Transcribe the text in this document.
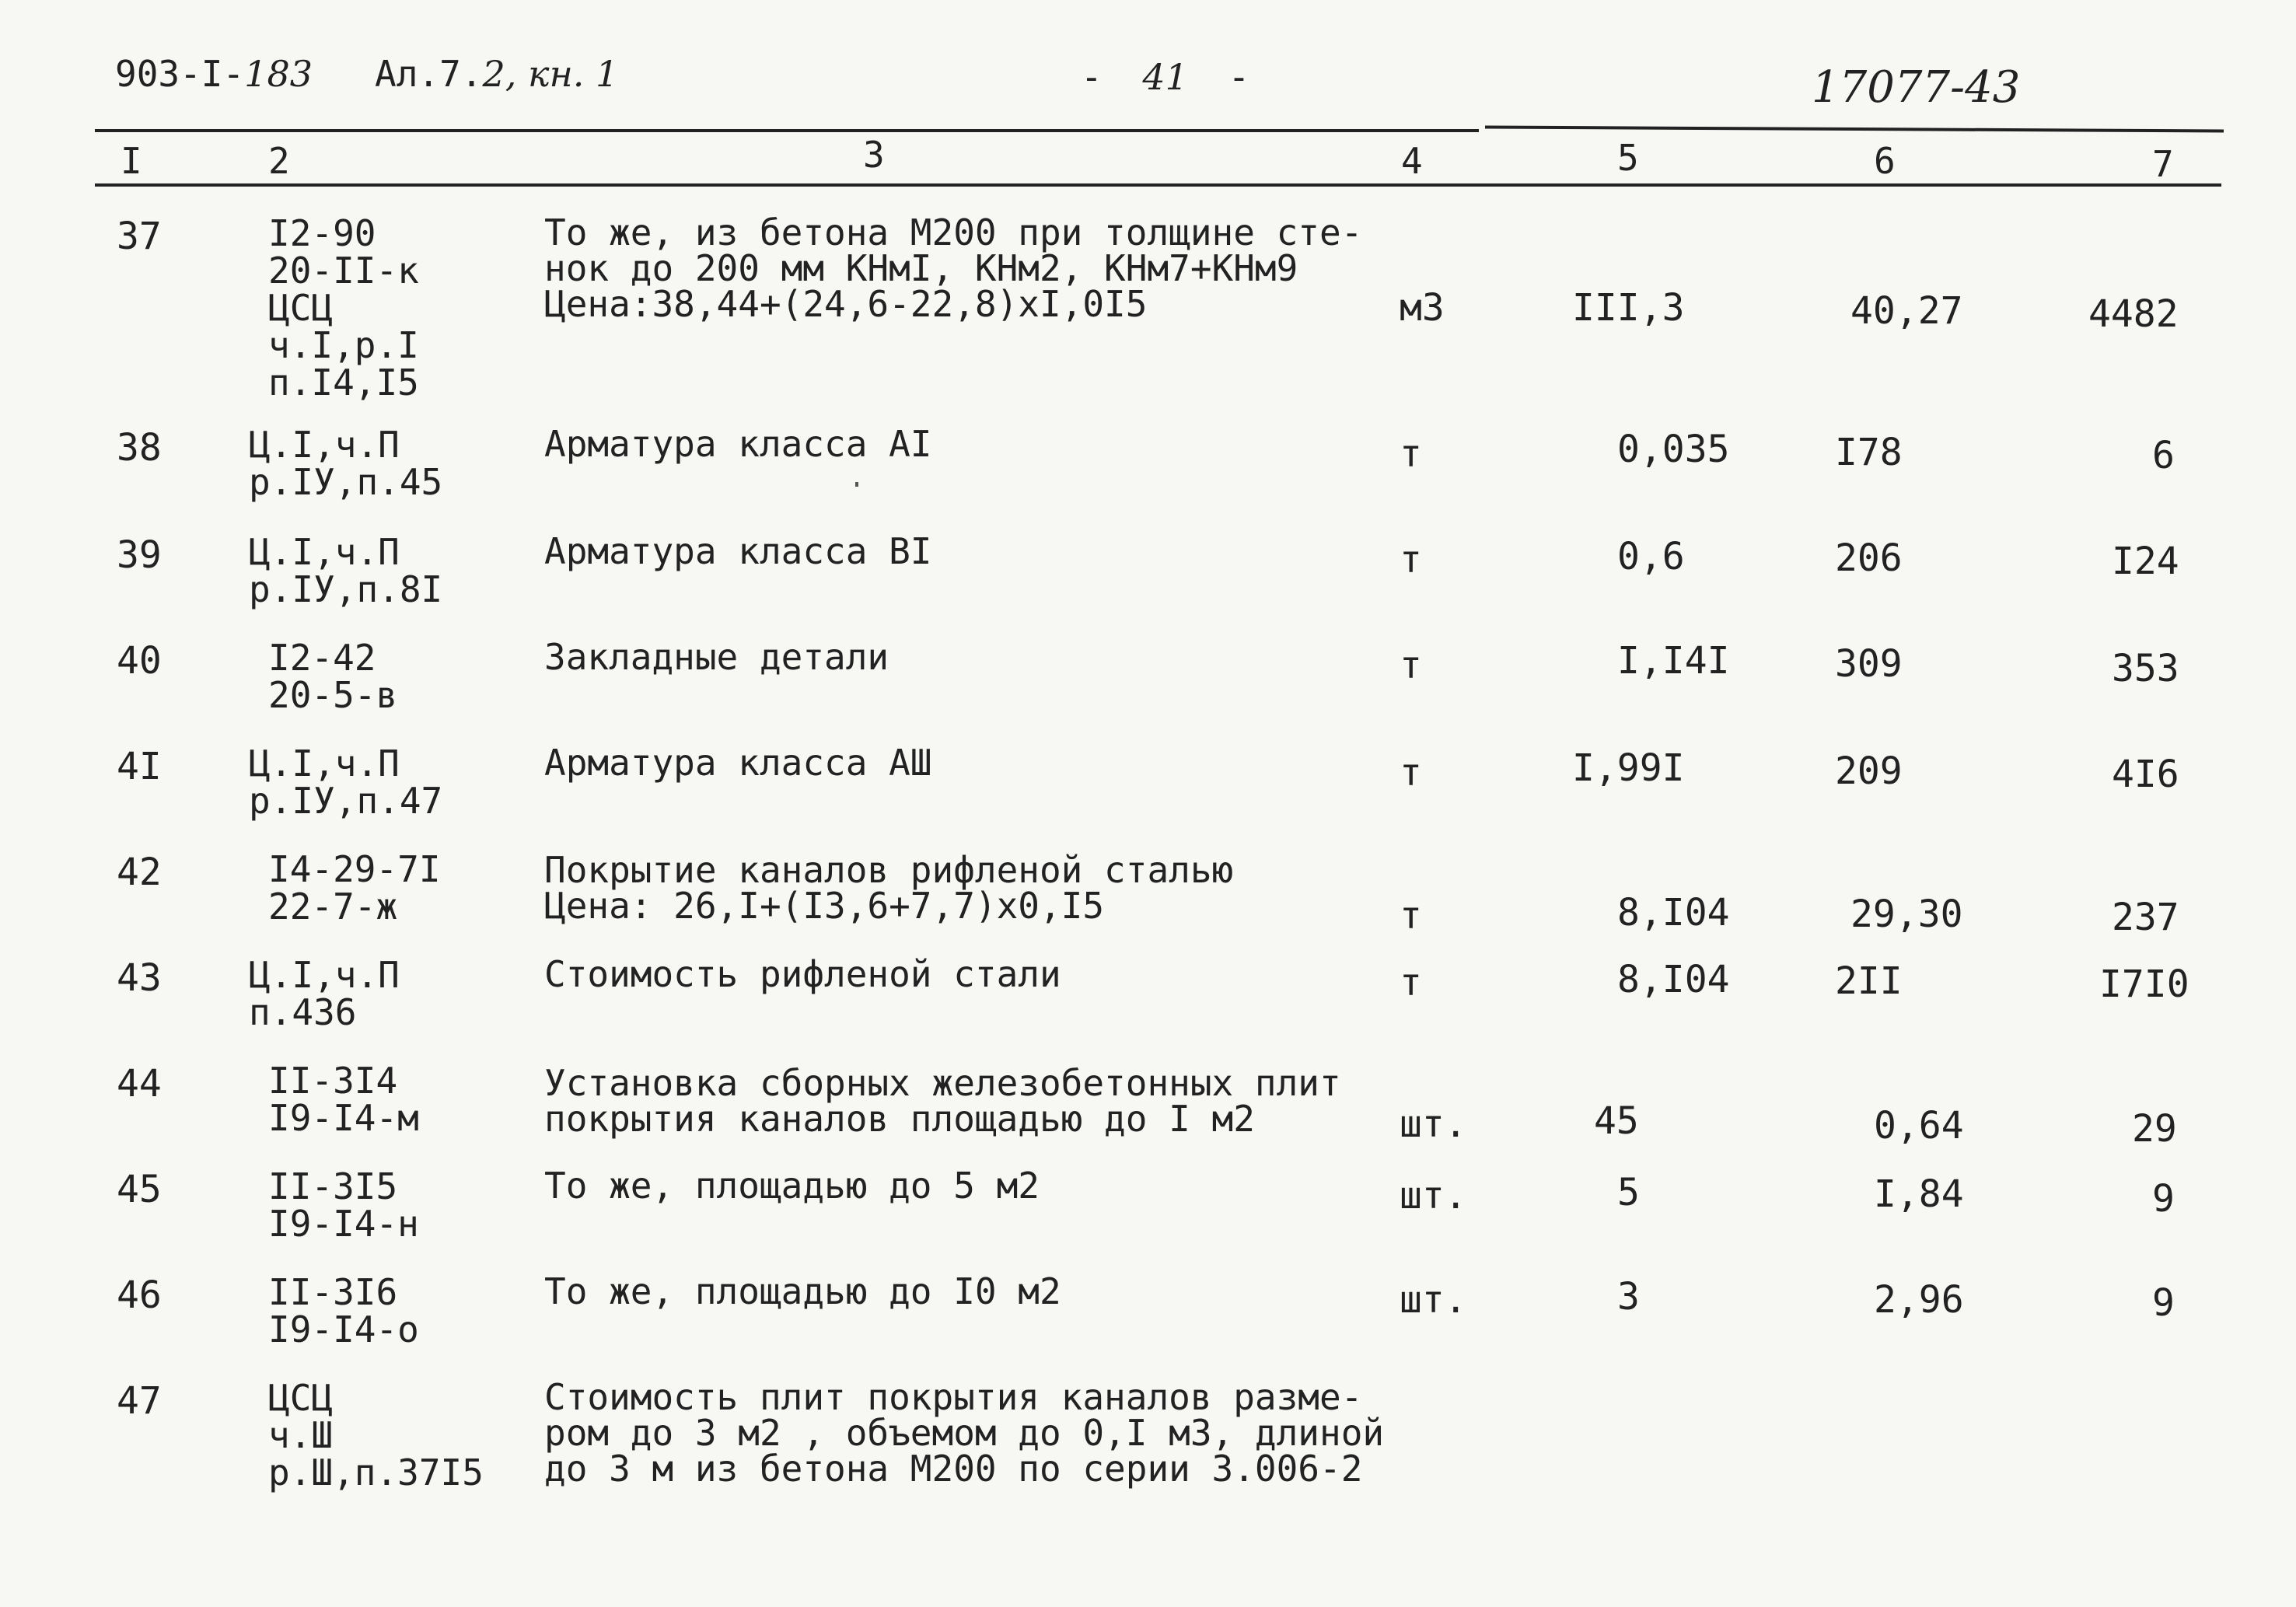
903-I-183 Ал.7.2, кн. 1	- 41 -	17077-43
I	2	3	4	5	6	7
37	I2-90
20-II-к
ЦСЦ
ч.I,р.I
п.I4,I5
То же, из бетона М200 при толщине сте-
нок до 200 мм КНмI, КНм2, КНм7+КНм9
Цена:38,44+(24,6-22,8)хI,0I5	м3	III,3	40,27	4482
38 Ц.I,ч.П
р.IУ,п.45
Арматура класса АI	т	0,035	I78	6
39 Ц.I,ч.П
р.IУ,п.8I
Арматура класса ВI	т	0,6	206	I24
40	I2-42
20-5-в
Закладные детали	т	I,I4I	309	353
4I Ц.I,ч.П
р.IУ,п.47
Арматура класса АШ	т	I,99I	209	4I6
42	I4-29-7I
22-7-ж
Покрытие каналов рифленой сталью
Цена: 26,I+(I3,6+7,7)х0,I5	т	8,I04	29,30	237
43 Ц.I,ч.П
п.436
Стоимость рифленой стали	т	8,I04	2II	I7I0
44	II-3I4
I9-I4-м
Установка сборных железобетонных плит
покрытия каналов площадью до I м2	шт.	45	0,64	29
45	II-3I5
I9-I4-н
То же, площадью до 5 м2	шт.	5	I,84	9
46	II-3I6
I9-I4-о
То же, площадью до I0 м2	шт.	3	2,96	9
47	ЦСЦ
ч.Ш
р.Ш,п.37I5
Стоимость плит покрытия каналов разме-
ром до 3 м2 , объемом до 0,I м3, длиной
до 3 м из бетона М200 по серии 3.006-2
